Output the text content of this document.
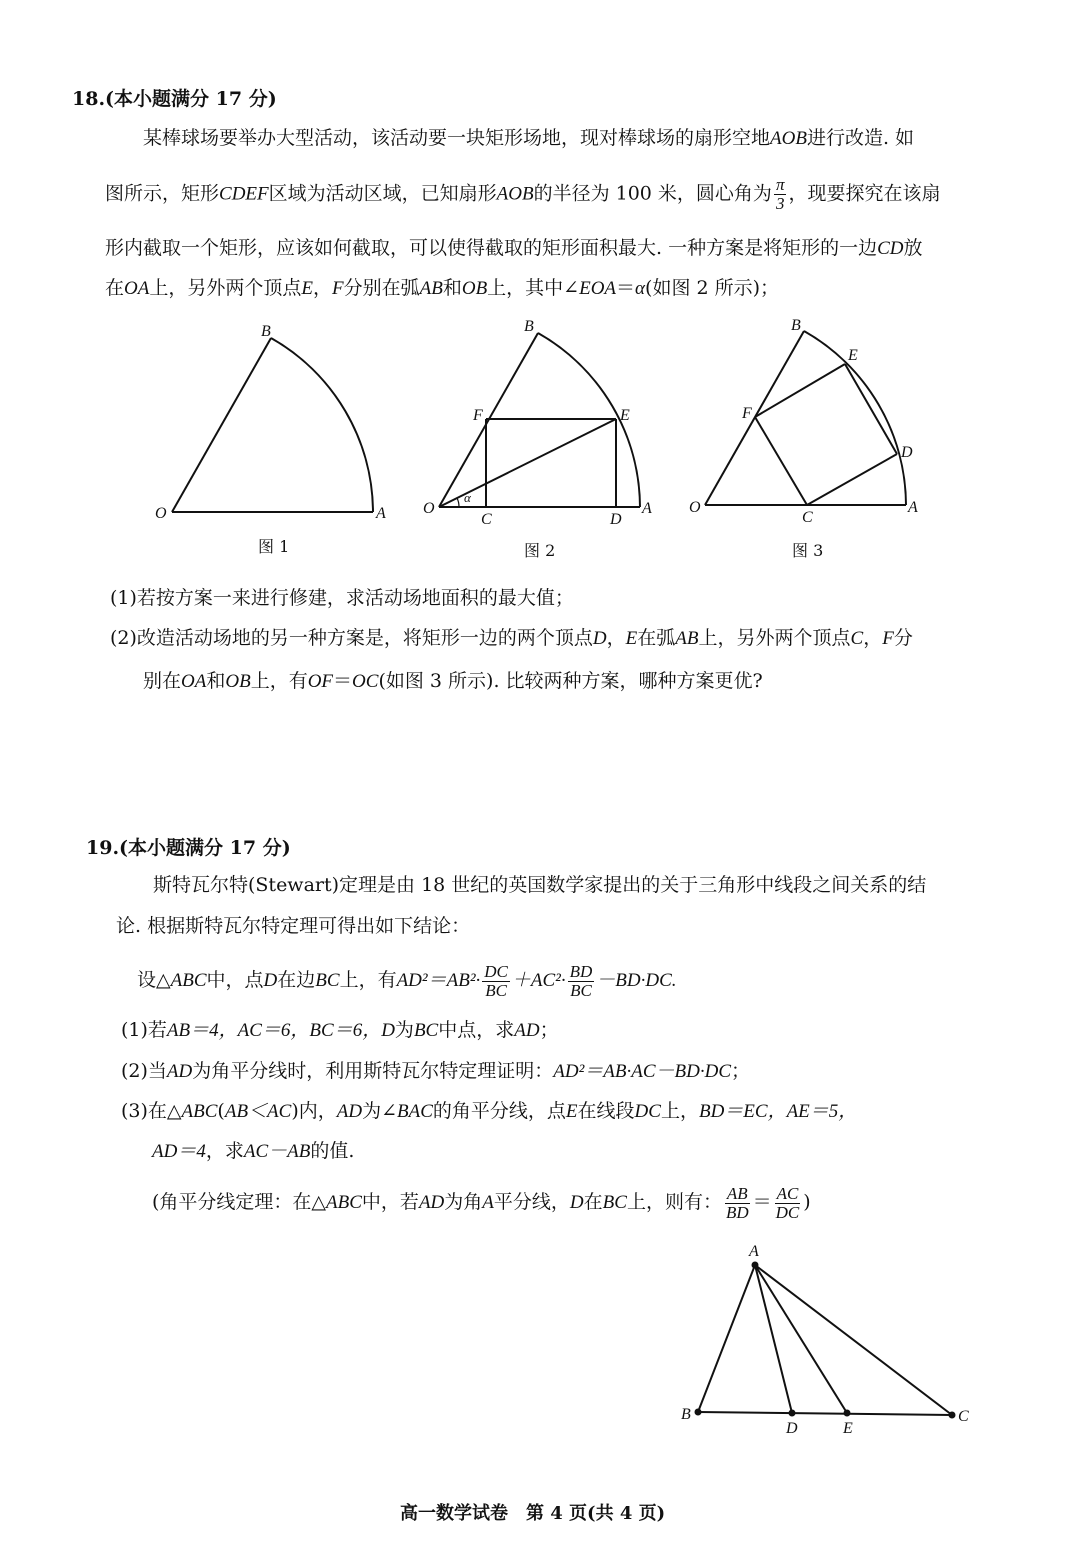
18.(本小题满分 17 分)
某棒球场要举办大型活动，该活动要一块矩形场地，现对棒球场的扇形空地AOB进行改造. 如
图所示，矩形CDEF区域为活动区域，已知扇形AOB的半径为 100 米，圆心角为 $\frac{\pi}{3}$ ，现要探究在该扇
形内截取一个矩形，应该如何截取，可以使得截取的矩形面积最大. 一种方案是将矩形的一边CD放
在OA上，另外两个顶点E，F分别在弧AB和OB上，其中∠EOA＝α(如图 2 所示)；
B
O	A
B
F	E
O
α
C	D
A
B
E
F
D
O
C
A
图 1	图 2	图 3
(1)若按方案一来进行修建，求活动场地面积的最大值；
(2)改造活动场地的另一种方案是，将矩形一边的两个顶点D，E在弧AB上，另外两个顶点C，F分
别在OA和OB上，有OF＝OC(如图 3 所示). 比较两种方案，哪种方案更优?
19.(本小题满分 17 分)
斯特瓦尔特(Stewart)定理是由 18 世纪的英国数学家提出的关于三角形中线段之间关系的结
论. 根据斯特瓦尔特定理可得出如下结论：
设△ABC中，点D在边BC上，有$AD^2=AB^2\cdot \frac{DC}{BC} +AC^2\cdot \frac{BD}{BC} -BD\cdot DC$.
(1)若AB＝4，AC＝6，BC＝6，D为BC中点，求AD；
(2)当AD为角平分线时，利用斯特瓦尔特定理证明：AD²＝AB·AC－BD·DC；
(3)在△ABC(AB＜AC)内，AD为∠BAC的角平分线，点E在线段DC上，BD＝EC，AE＝5，
AD＝4，求AC－AB的值.
(角平分线定理：在△ABC中，若AD为角A平分线，D在BC上，则有： $\frac{AB}{BD} = \frac{AC}{DC}$ )
A
B
D	E
C
高一数学试卷　第 4 页(共 4 页)
